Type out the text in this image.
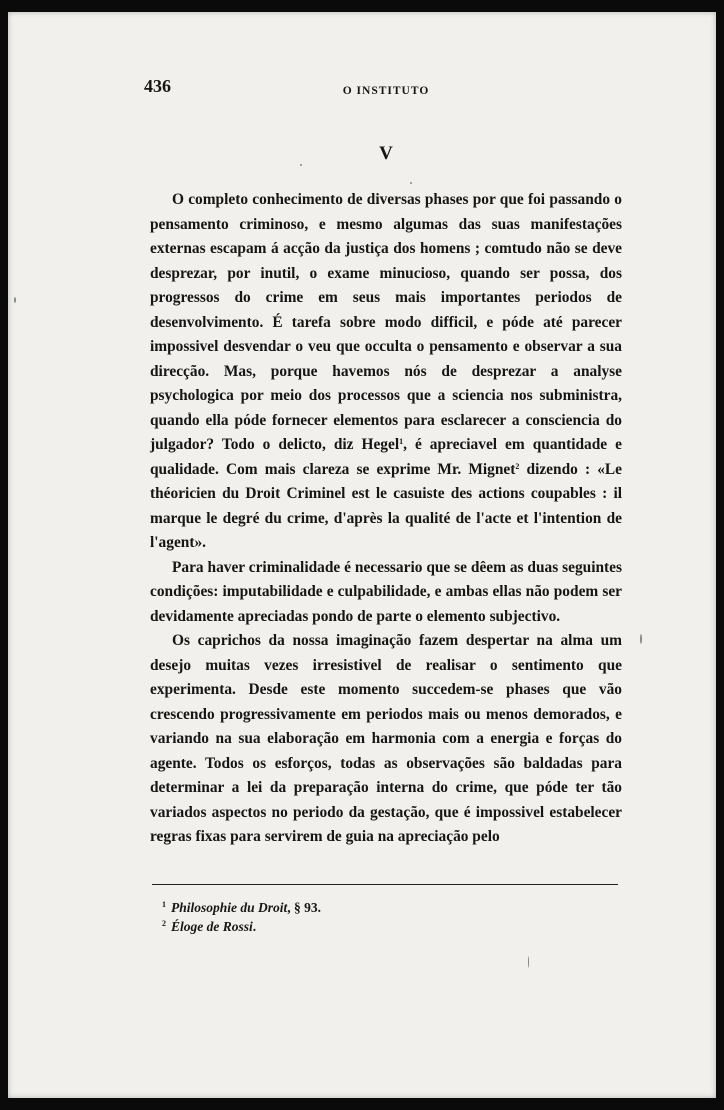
436	O INSTITUTO
V

O completo conhecimento de diversas phases por que foi passando o pensamento criminoso, e mesmo algumas das suas manifestações externas escapam á acção da justiça dos homens ; comtudo não se deve desprezar, por inutil, o exame minucioso, quando ser possa, dos progressos do crime em seus mais importantes periodos de desenvolvimento. É tarefa sobre modo difficil, e póde até parecer impossivel desvendar o veu que occulta o pensamento e observar a sua direcção. Mas, porque havemos nós de desprezar a analyse psychologica por meio dos processos que a sciencia nos subministra, quando ella póde fornecer elementos para esclarecer a consciencia do julgador? Todo o delicto, diz Hegel$^1$, é apreciavel em quantidade e qualidade. Com mais clareza se exprime Mr. Mignet$^2$ dizendo : «Le théoricien du Droit Criminel est le casuiste des actions coupables : il marque le degré du crime, d'après la qualité de l'acte et l'intention de l'agent».

Para haver criminalidade é necessario que se dêem as duas seguintes condições: imputabilidade e culpabilidade, e ambas ellas não podem ser devidamente apreciadas pondo de parte o elemento subjectivo.

Os caprichos da nossa imaginação fazem despertar na alma um desejo muitas vezes irresistivel de realisar o sentimento que experimenta. Desde este momento succedem-se phases que vão crescendo progressivamente em periodos mais ou menos demorados, e variando na sua elaboração em harmonia com a energia e forças do agente. Todos os esforços, todas as observações são baldadas para determinar a lei da preparação interna do crime, que póde ter tão variados aspectos no periodo da gestação, que é impossivel estabelecer regras fixas para servirem de guia na apreciação pelo

$^1$ Philosophie du Droit, § 93.
$^2$ Éloge de Rossi.
